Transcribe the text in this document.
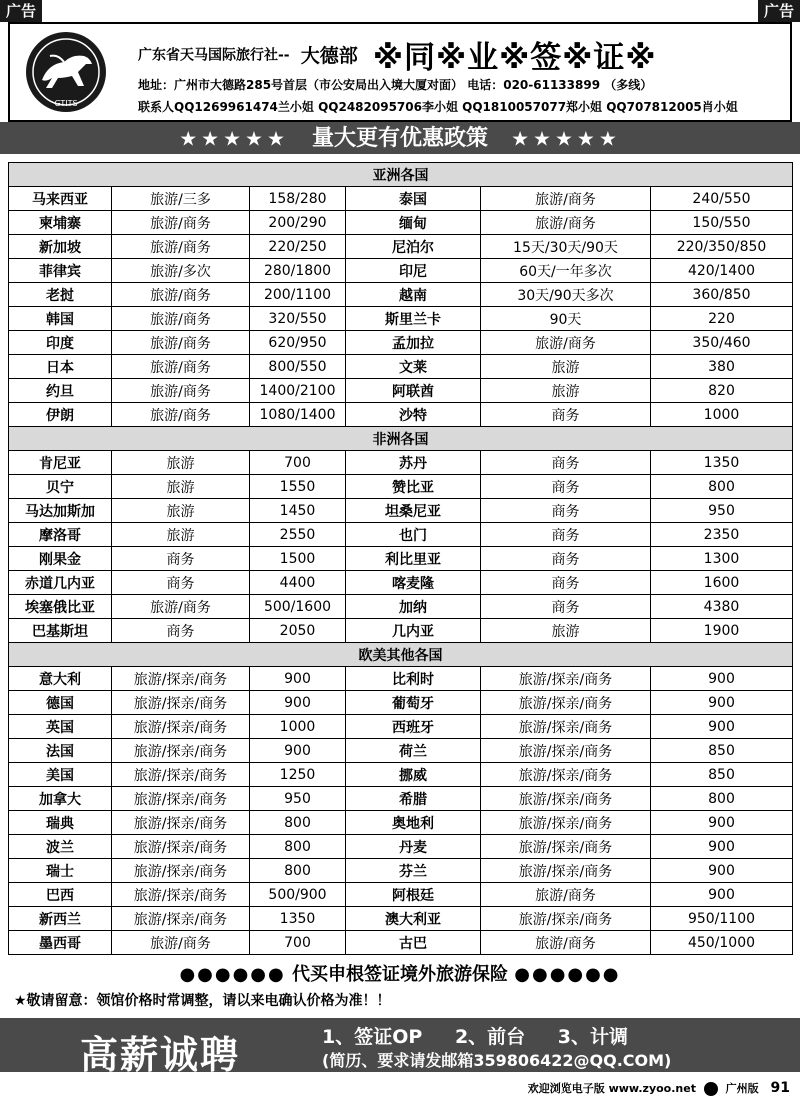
广告	广告
GTITS
广东省天马国际旅行社-- 大德部 ※同※业※签※证※
地址：广州市大德路285号首层（市公安局出入境大厦对面） 电话：020-61133899 （多线）
联系人QQ1269961474兰小姐 QQ2482095706李小姐 QQ1810057077郑小姐 QQ707812005肖小姐
★★★★★ 量大更有优惠政策 ★★★★★
亚洲各国					
马来西亚	旅游/三多	158/280	泰国	旅游/商务	240/550
柬埔寨	旅游/商务	200/290	缅甸	旅游/商务	150/550
新加坡	旅游/商务	220/250	尼泊尔	15天/30天/90天	220/350/850
菲律宾	旅游/多次	280/1800	印尼	60天/一年多次	420/1400
老挝	旅游/商务	200/1100	越南	30天/90天多次	360/850
韩国	旅游/商务	320/550	斯里兰卡	90天	220
印度	旅游/商务	620/950	孟加拉	旅游/商务	350/460
日本	旅游/商务	800/550	文莱	旅游	380
约旦	旅游/商务	1400/2100	阿联酋	旅游	820
伊朗	旅游/商务	1080/1400	沙特	商务	1000
非洲各国					
肯尼亚	旅游	700	苏丹	商务	1350
贝宁	旅游	1550	赞比亚	商务	800
马达加斯加	旅游	1450	坦桑尼亚	商务	950
摩洛哥	旅游	2550	也门	商务	2350
刚果金	商务	1500	利比里亚	商务	1300
赤道几内亚	商务	4400	喀麦隆	商务	1600
埃塞俄比亚	旅游/商务	500/1600	加纳	商务	4380
巴基斯坦	商务	2050	几内亚	旅游	1900
欧美其他各国					
意大利	旅游/探亲/商务	900	比利时	旅游/探亲/商务	900
德国	旅游/探亲/商务	900	葡萄牙	旅游/探亲/商务	900
英国	旅游/探亲/商务	1000	西班牙	旅游/探亲/商务	900
法国	旅游/探亲/商务	900	荷兰	旅游/探亲/商务	850
美国	旅游/探亲/商务	1250	挪威	旅游/探亲/商务	850
加拿大	旅游/探亲/商务	950	希腊	旅游/探亲/商务	800
瑞典	旅游/探亲/商务	800	奥地利	旅游/探亲/商务	900
波兰	旅游/探亲/商务	800	丹麦	旅游/探亲/商务	900
瑞士	旅游/探亲/商务	800	芬兰	旅游/探亲/商务	900
巴西	旅游/探亲/商务	500/900	阿根廷	旅游/商务	900
新西兰	旅游/探亲/商务	1350	澳大利亚	旅游/探亲/商务	950/1100
墨西哥	旅游/商务	700	古巴	旅游/商务	450/1000
●●●●●● 代买申根签证境外旅游保险 ●●●●●●
★敬请留意：领馆价格时常调整，请以来电确认价格为准！！
高薪诚聘	1、签证OP 2、前台 3、计调
(简历、要求请发邮箱359806422@QQ.COM)
欢迎浏览电子版 www.zyoo.net	广州版 91
